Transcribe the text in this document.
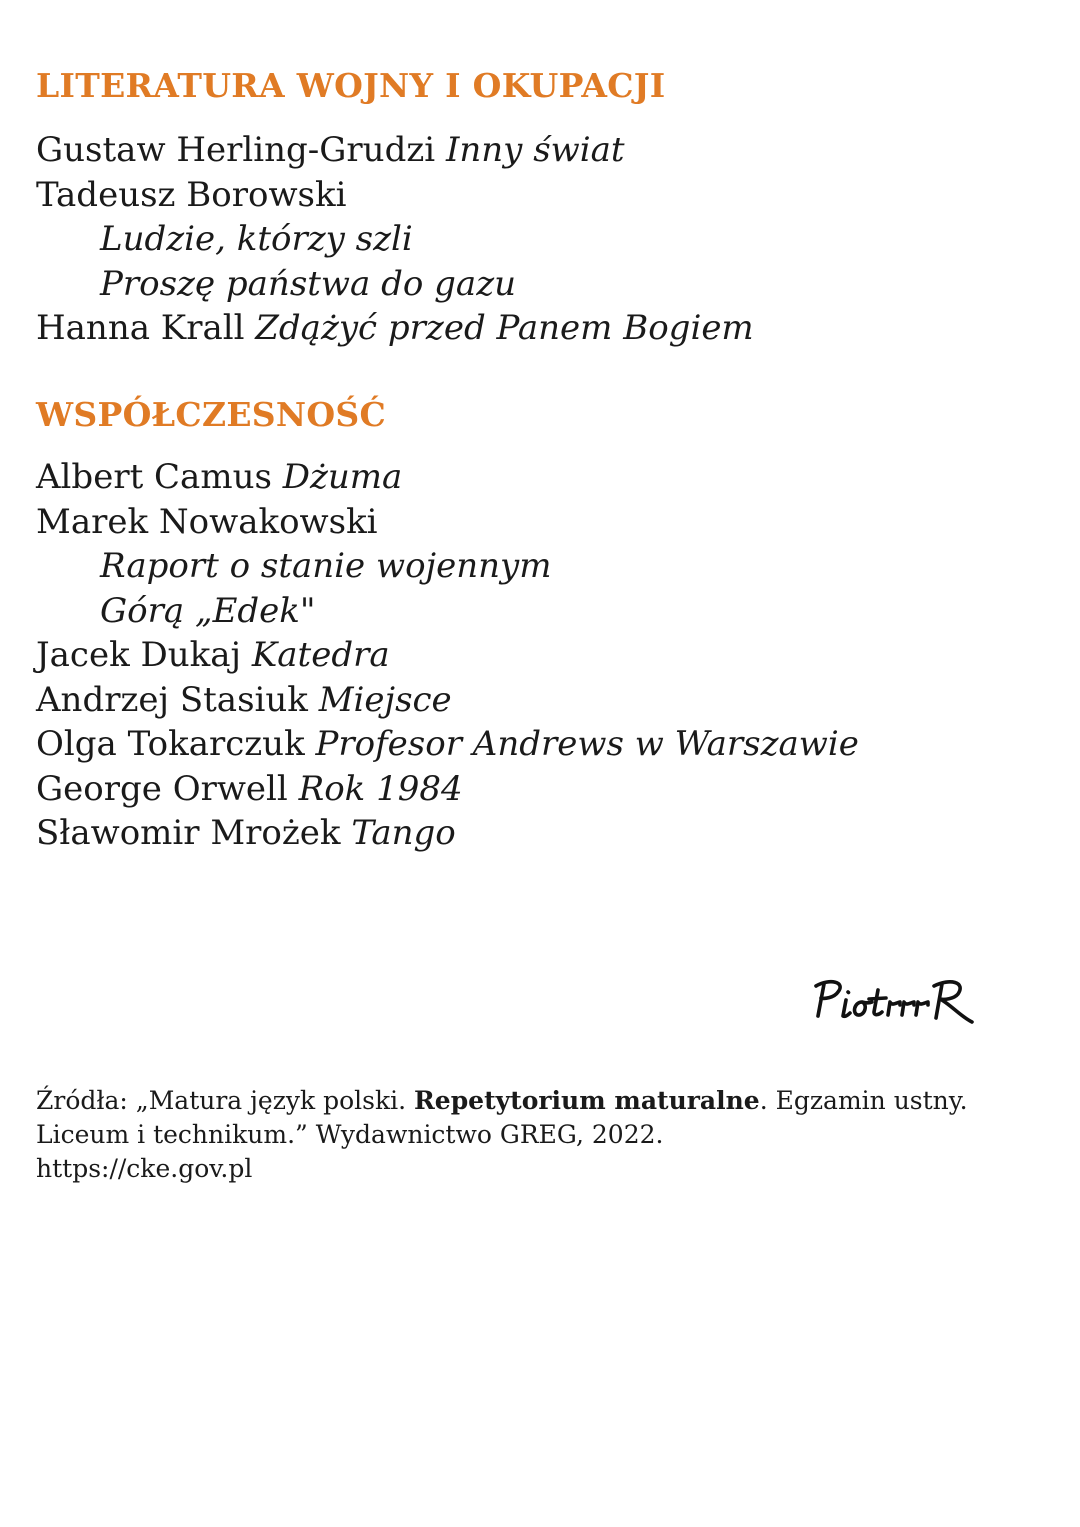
LITERATURA WOJNY I OKUPACJI
Gustaw Herling-Grudzi Inny świat
Tadeusz Borowski
Ludzie, którzy szli
Proszę państwa do gazu
Hanna Krall Zdążyć przed Panem Bogiem
WSPÓŁCZESNOŚĆ
Albert Camus Dżuma
Marek Nowakowski
Raport o stanie wojennym
Górą „Edek"
Jacek Dukaj Katedra
Andrzej Stasiuk Miejsce
Olga Tokarczuk Profesor Andrews w Warszawie
George Orwell Rok 1984
Sławomir Mrożek Tango

Źródła: „Matura język polski. Repetytorium maturalne. Egzamin ustny. Liceum i technikum.” Wydawnictwo GREG, 2022.
https://cke.gov.pl
